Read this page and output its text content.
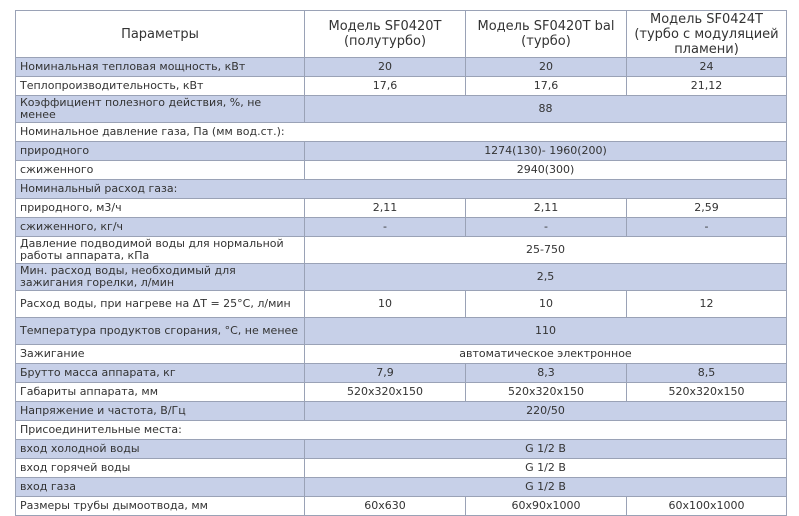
Параметры	Модель SF0420T (полутурбо)	Модель SF0420T bal (турбо)	Модель SF0424T (турбо с модуляцией пламени)
Номинальная тепловая мощность, кВт	20	20	24
Теплопроизводительность, кВт	17,6	17,6	21,12
Коэффициент полезного действия, %, не менее	88		
Номинальное давление газа, Па (мм вод.ст.):			
природного	1274(130)- 1960(200)		
сжиженного	2940(300)		
Номинальный расход газа:			
природного, м3/ч	2,11	2,11	2,59
сжиженного, кг/ч	-	-	-
Давление подводимой воды для нормальной работы аппарата, кПа	25-750		
Мин. расход воды, необходимый для зажигания горелки, л/мин	2,5		
Расход воды, при нагреве на ΔТ = 25°С, л/мин	10	10	12
Температура продуктов сгорания, °С, не менее	110		
Зажигание	автоматическое электронное		
Брутто масса аппарата, кг	7,9	8,3	8,5
Габариты аппарата, мм	520x320x150	520x320x150	520x320x150
Напряжение и частота, В/Гц	220/50		
Присоединительные места:			
вход холодной воды	G 1/2 B		
вход горячей воды	G 1/2 B		
вход газа	G 1/2 B		
Размеры трубы дымоотвода, мм	60x630	60x90x1000	60x100x1000
